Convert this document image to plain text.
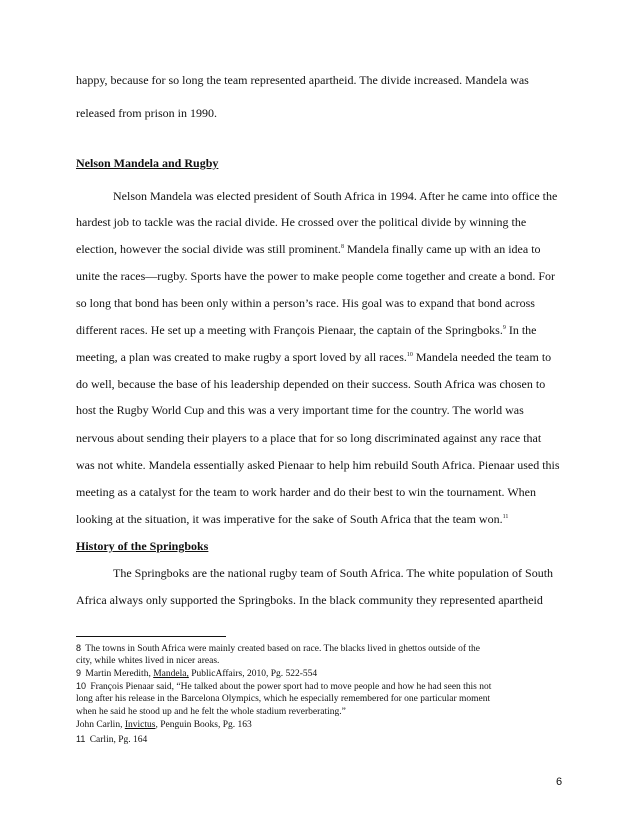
happy, because for so long the team represented apartheid. The divide increased. Mandela was
released from prison in 1990.
Nelson Mandela and Rugby
Nelson Mandela was elected president of South Africa in 1994. After he came into office the
hardest job to tackle was the racial divide. He crossed over the political divide by winning the
election, however the social divide was still prominent.$^8$ Mandela finally came up with an idea to
unite the races—rugby. Sports have the power to make people come together and create a bond. For
so long that bond has been only within a person’s race. His goal was to expand that bond across
different races. He set up a meeting with François Pienaar, the captain of the Springboks.$^9$ In the
meeting, a plan was created to make rugby a sport loved by all races.$^{10}$ Mandela needed the team to
do well, because the base of his leadership depended on their success. South Africa was chosen to
host the Rugby World Cup and this was a very important time for the country. The world was
nervous about sending their players to a place that for so long discriminated against any race that
was not white. Mandela essentially asked Pienaar to help him rebuild South Africa. Pienaar used this
meeting as a catalyst for the team to work harder and do their best to win the tournament. When
looking at the situation, it was imperative for the sake of South Africa that the team won.$^{11}$
History of the Springboks
The Springboks are the national rugby team of South Africa. The white population of South
Africa always only supported the Springboks. In the black community they represented apartheid
8 The towns in South Africa were mainly created based on race. The blacks lived in ghettos outside of the
city, while whites lived in nicer areas.
9 Martin Meredith, Mandela, PublicAffairs, 2010, Pg. 522-554
10 François Pienaar said, “He talked about the power sport had to move people and how he had seen this not
long after his release in the Barcelona Olympics, which he especially remembered for one particular moment
when he said he stood up and he felt the whole stadium reverberating.”
John Carlin, Invictus, Penguin Books, Pg. 163
11 Carlin, Pg. 164
6
